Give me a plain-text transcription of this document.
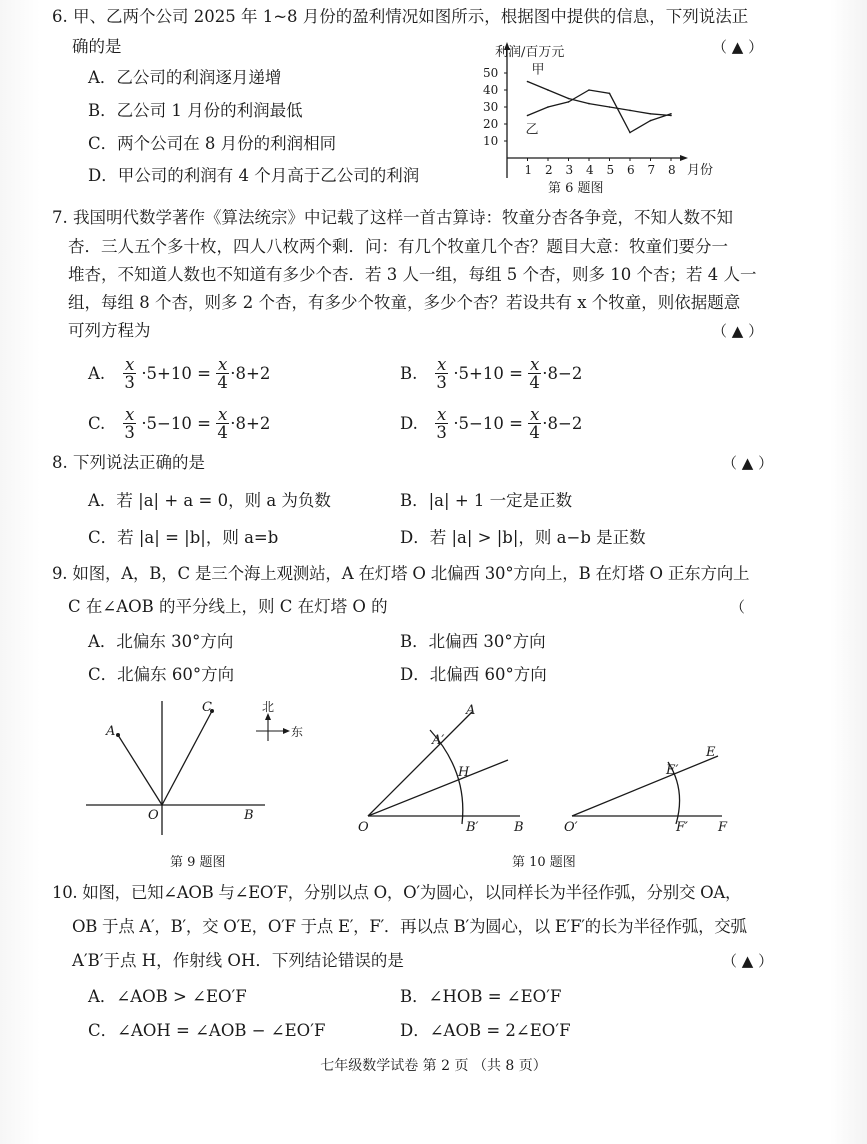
6. 甲、乙两个公司 2025 年 1~8 月份的盈利情况如图所示，根据图中提供的信息，下列说法正
确的是	（ ▲ ）
A．乙公司的利润逐月递增
B．乙公司 1 月份的利润最低
C．两个公司在 8 月份的利润相同
D．甲公司的利润有 4 个月高于乙公司的利润
利润/百万元
月份
10
20
30
40
50
1 2 3 4 5 6 7 8
甲
乙
第 6 题图
7. 我国明代数学著作《算法统宗》中记载了这样一首古算诗：牧童分杏各争竞，不知人数不知
杏．三人五个多十枚，四人八枚两个剩．问：有几个牧童几个杏？题目大意：牧童们要分一
堆杏，不知道人数也不知道有多少个杏．若 3 人一组，每组 5 个杏，则多 10 个杏；若 4 人一
组，每组 8 个杏，则多 2 个杏，有多少个牧童，多少个杏？若设共有 x 个牧童，则依据题意
可列方程为	（ ▲ ）
A.	$\frac{x}{3} \cdot 5+10 = \frac{x}{4} \cdot 8+2$	B.	$\frac{x}{3} \cdot 5+10 = \frac{x}{4} \cdot 8-2$
C.	$\frac{x}{3} \cdot 5-10 = \frac{x}{4} \cdot 8+2$	D.	$\frac{x}{3} \cdot 5-10 = \frac{x}{4} \cdot 8-2$
8. 下列说法正确的是	（ ▲ ）
A．若 |a| + a = 0，则 a 为负数	B．|a| + 1 一定是正数
C．若 |a| = |b|，则 a=b	D．若 |a| > |b|，则 a−b 是正数
9. 如图，A，B，C 是三个海上观测站，A 在灯塔 O 北偏西 30°方向上，B 在灯塔 O 正东方向上
C 在∠AOB 的平分线上，则 C 在灯塔 O 的	（
A．北偏东 30°方向	B．北偏西 30°方向
C．北偏东 60°方向	D．北偏西 60°方向
A
C
O	B
北
东
第 9 题图
A
A′
H
O	B′	B
E
E′
O′	F′ F
第 10 题图
10. 如图，已知∠AOB 与∠EO′F，分别以点 O，O′为圆心，以同样长为半径作弧，分别交 OA，
OB 于点 A′，B′，交 O′E，O′F 于点 E′，F′．再以点 B′为圆心，以 E′F′的长为半径作弧，交弧
A′B′于点 H，作射线 OH．下列结论错误的是	（ ▲ ）
A．∠AOB > ∠EO′F	B．∠HOB = ∠EO′F
C．∠AOH = ∠AOB − ∠EO′F	D．∠AOB = 2∠EO′F
七年级数学试卷 第 2 页 （共 8 页）
